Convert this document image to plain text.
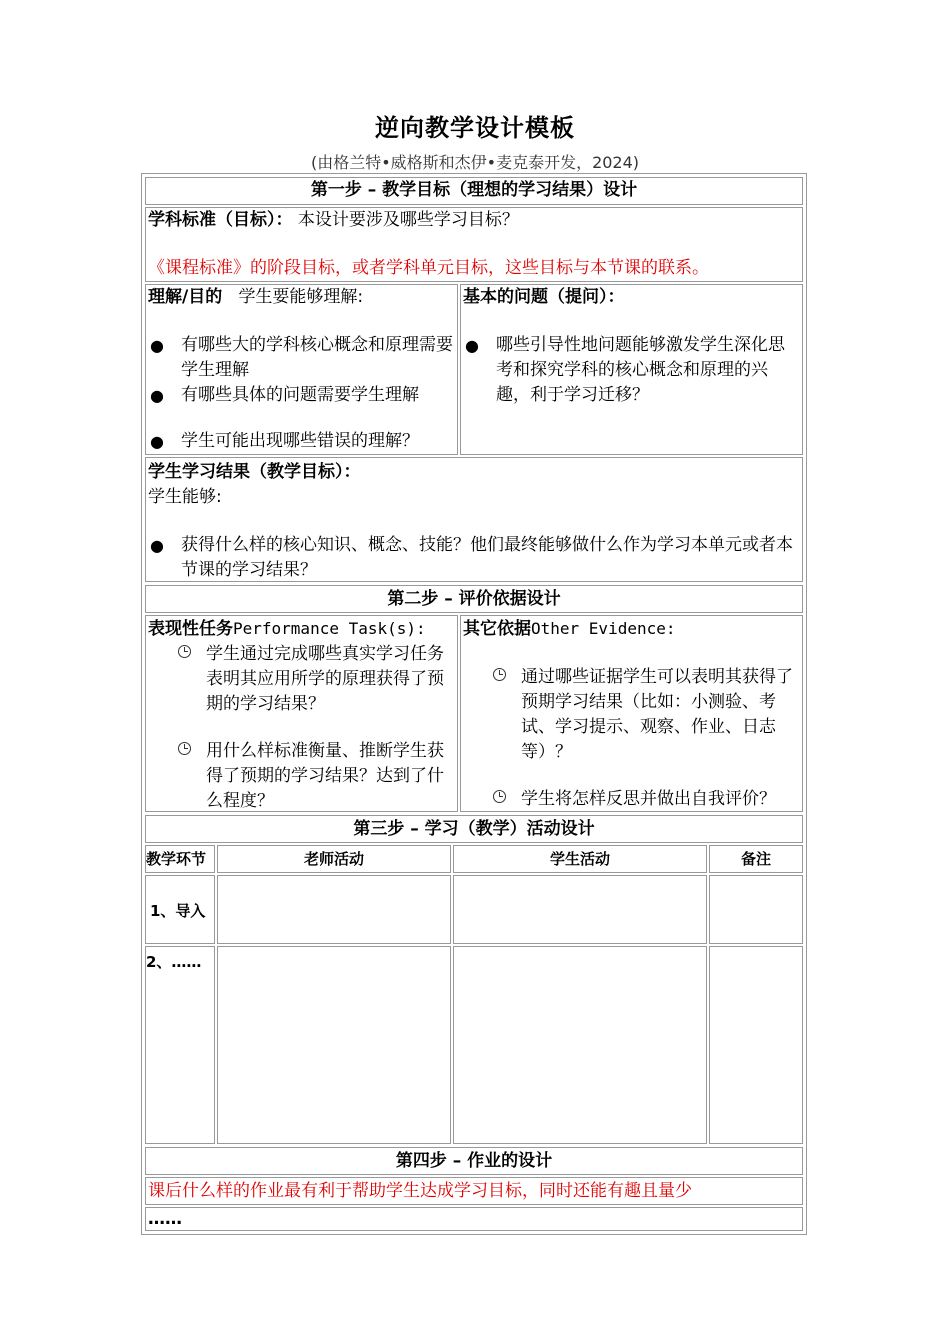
逆向教学设计模板
(由格兰特•威格斯和杰伊•麦克泰开发，2024)
第一步 – 教学目标（理想的学习结果）设计
学科标准（目标）： 本设计要涉及哪些学习目标？
《课程标准》的阶段目标，或者学科单元目标，这些目标与本节课的联系。
理解/目的 学生要能够理解:
● 有哪些大的学科核心概念和原理需要学生理解
● 有哪些具体的问题需要学生理解
● 学生可能出现哪些错误的理解？
基本的问题（提问）：
● 哪些引导性地问题能够激发学生深化思考和探究学科的核心概念和原理的兴趣，利于学习迁移？
学生学习结果（教学目标）：
学生能够:
● 获得什么样的核心知识、概念、技能？他们最终能够做什么作为学习本单元或者本节课的学习结果？
第二步 – 评价依据设计
表现性任务Performance Task(s):
学生通过完成哪些真实学习任务表明其应用所学的原理获得了预期的学习结果？
用什么样标准衡量、推断学生获得了预期的学习结果？达到了什么程度？
其它依据Other Evidence:
通过哪些证据学生可以表明其获得了预期学习结果（比如：小测验、考试、学习提示、观察、作业、日志等）？
学生将怎样反思并做出自我评价？
第三步 – 学习（教学）活动设计
教学环节	老师活动	学生活动	备注
1、导入
2、……
第四步 – 作业的设计
课后什么样的作业最有利于帮助学生达成学习目标，同时还能有趣且量少
……
